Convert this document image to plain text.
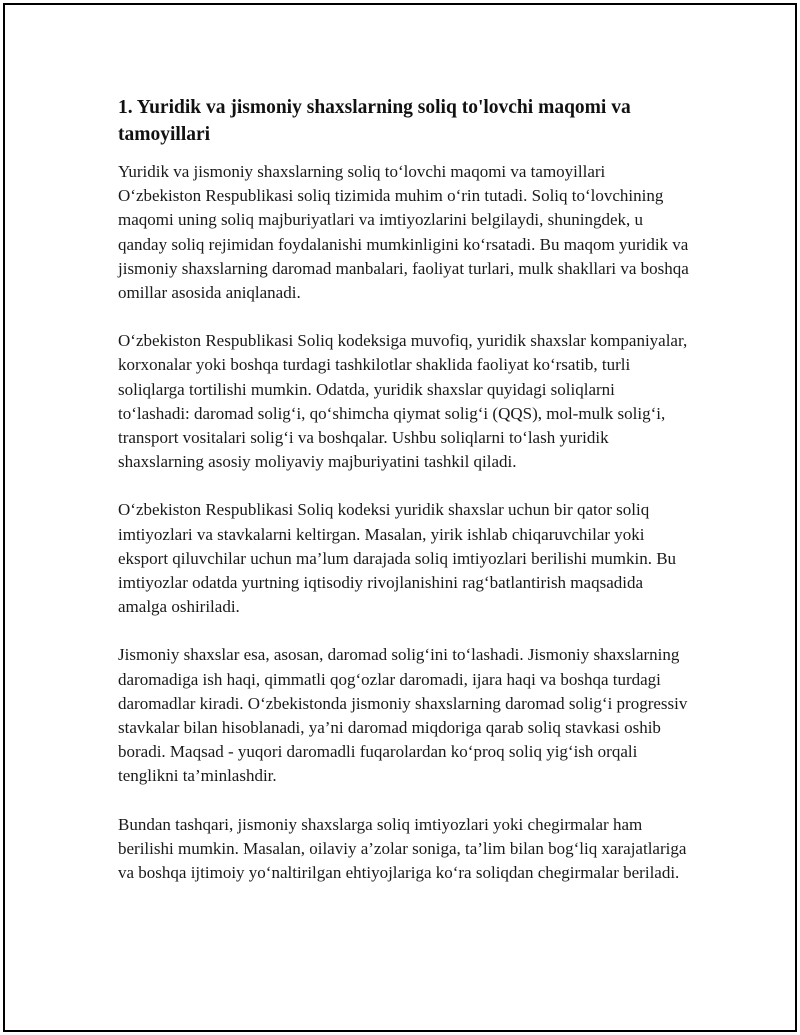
1. Yuridik va jismoniy shaxslarning soliq to'lovchi maqomi va tamoyillari

Yuridik va jismoniy shaxslarning soliq to‘lovchi maqomi va tamoyillari O‘zbekiston Respublikasi soliq tizimida muhim o‘rin tutadi. Soliq to‘lovchining maqomi uning soliq majburiyatlari va imtiyozlarini belgilaydi, shuningdek, u qanday soliq rejimidan foydalanishi mumkinligini ko‘rsatadi. Bu maqom yuridik va jismoniy shaxslarning daromad manbalari, faoliyat turlari, mulk shakllari va boshqa omillar asosida aniqlanadi.

O‘zbekiston Respublikasi Soliq kodeksiga muvofiq, yuridik shaxslar kompaniyalar, korxonalar yoki boshqa turdagi tashkilotlar shaklida faoliyat ko‘rsatib, turli soliqlarga tortilishi mumkin. Odatda, yuridik shaxslar quyidagi soliqlarni to‘lashadi: daromad solig‘i, qo‘shimcha qiymat solig‘i (QQS), mol-mulk solig‘i, transport vositalari solig‘i va boshqalar. Ushbu soliqlarni to‘lash yuridik shaxslarning asosiy moliyaviy majburiyatini tashkil qiladi.

O‘zbekiston Respublikasi Soliq kodeksi yuridik shaxslar uchun bir qator soliq imtiyozlari va stavkalarni keltirgan. Masalan, yirik ishlab chiqaruvchilar yoki eksport qiluvchilar uchun ma’lum darajada soliq imtiyozlari berilishi mumkin. Bu imtiyozlar odatda yurtning iqtisodiy rivojlanishini rag‘batlantirish maqsadida amalga oshiriladi.

Jismoniy shaxslar esa, asosan, daromad solig‘ini to‘lashadi. Jismoniy shaxslarning daromadiga ish haqi, qimmatli qog‘ozlar daromadi, ijara haqi va boshqa turdagi daromadlar kiradi. O‘zbekistonda jismoniy shaxslarning daromad solig‘i progressiv stavkalar bilan hisoblanadi, ya’ni daromad miqdoriga qarab soliq stavkasi oshib boradi. Maqsad - yuqori daromadli fuqarolardan ko‘proq soliq yig‘ish orqali tenglikni ta’minlashdir.

Bundan tashqari, jismoniy shaxslarga soliq imtiyozlari yoki chegirmalar ham berilishi mumkin. Masalan, oilaviy a’zolar soniga, ta’lim bilan bog‘liq xarajatlariga va boshqa ijtimoiy yo‘naltirilgan ehtiyojlariga ko‘ra soliqdan chegirmalar beriladi.
